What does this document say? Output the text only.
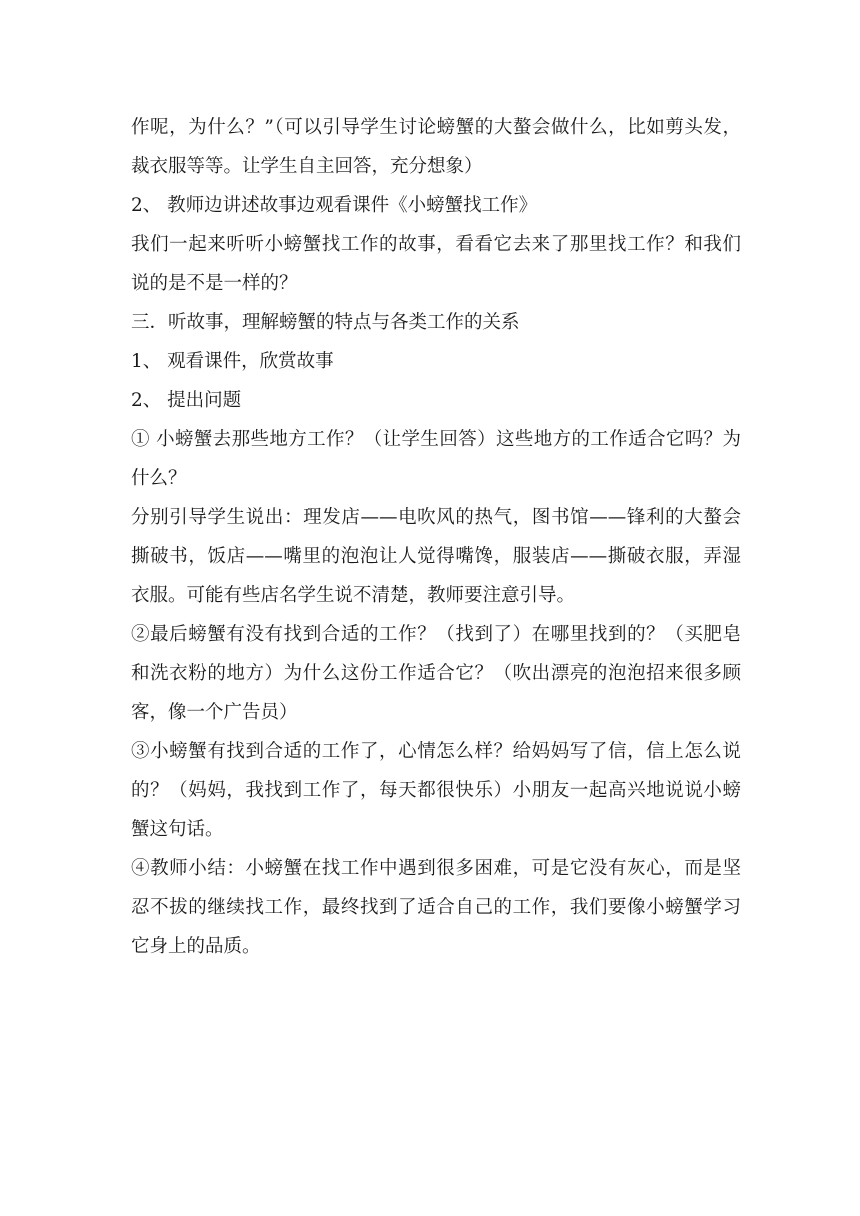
作呢，为什么？”（可以引导学生讨论螃蟹的大螯会做什么，比如剪头发，裁衣服等等。让学生自主回答，充分想象）

2、 教师边讲述故事边观看课件《小螃蟹找工作》

我们一起来听听小螃蟹找工作的故事，看看它去来了那里找工作？和我们说的是不是一样的？

三．听故事，理解螃蟹的特点与各类工作的关系

1、 观看课件，欣赏故事

2、 提出问题

① 小螃蟹去那些地方工作？（让学生回答）这些地方的工作适合它吗？为什么？

分别引导学生说出：理发店——电吹风的热气，图书馆——锋利的大螯会撕破书，饭店——嘴里的泡泡让人觉得嘴馋，服装店——撕破衣服，弄湿衣服。可能有些店名学生说不清楚，教师要注意引导。

②最后螃蟹有没有找到合适的工作？（找到了）在哪里找到的？（买肥皂和洗衣粉的地方）为什么这份工作适合它？（吹出漂亮的泡泡招来很多顾客，像一个广告员）

③小螃蟹有找到合适的工作了，心情怎么样？给妈妈写了信，信上怎么说的？（妈妈，我找到工作了，每天都很快乐）小朋友一起高兴地说说小螃蟹这句话。

④教师小结：小螃蟹在找工作中遇到很多困难，可是它没有灰心，而是坚忍不拔的继续找工作，最终找到了适合自己的工作，我们要像小螃蟹学习它身上的品质。
